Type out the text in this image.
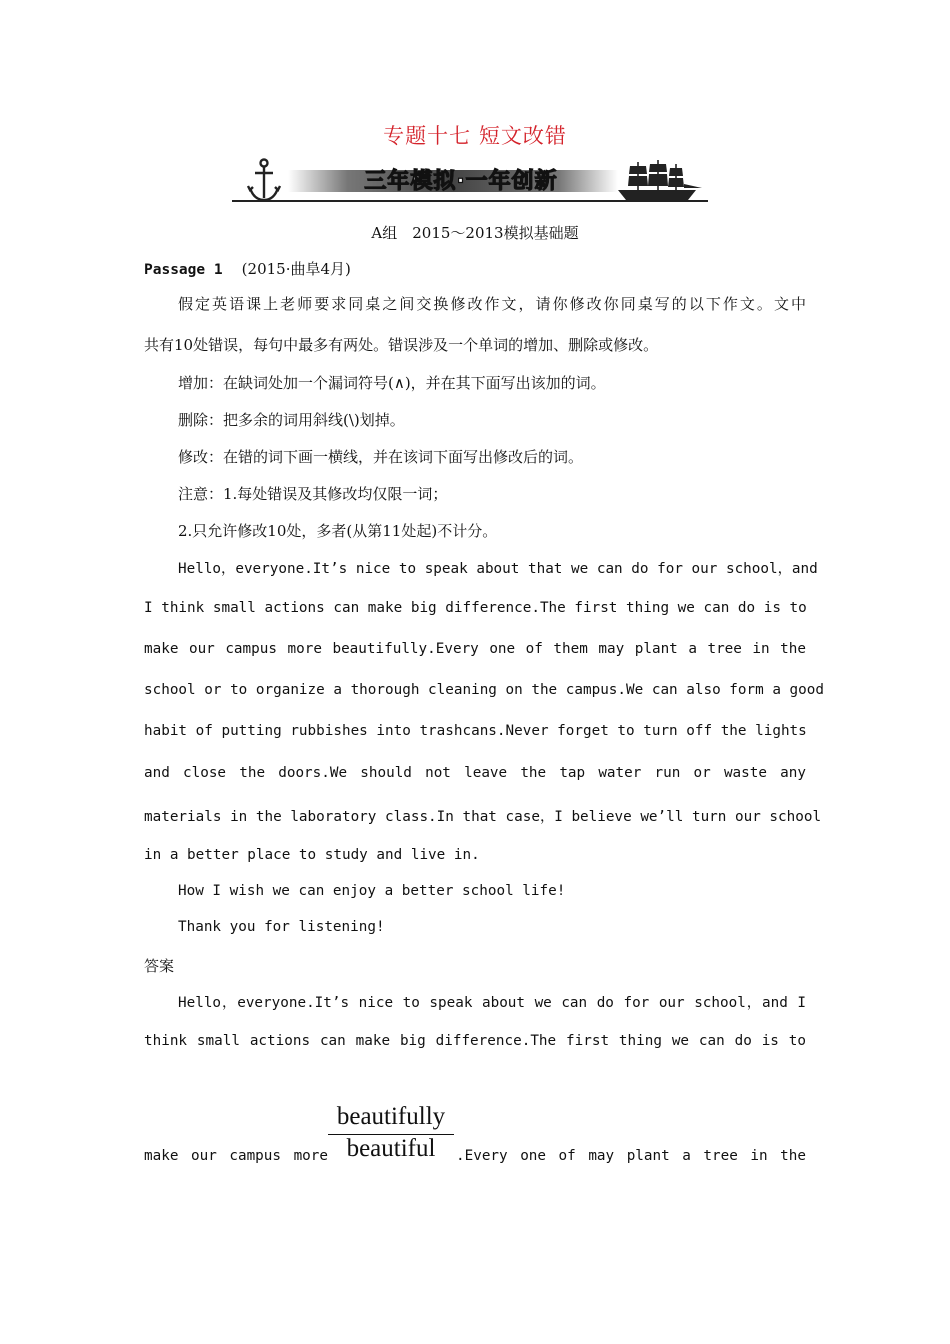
专题十七 短文改错
三年模拟·一年创新
A组　2015～2013模拟基础题
Passage 1 (2015·曲阜4月)
假定英语课上老师要求同桌之间交换修改作文，请你修改你同桌写的以下作文。文中
共有10处错误，每句中最多有两处。错误涉及一个单词的增加、删除或修改。
增加：在缺词处加一个漏词符号(∧)，并在其下面写出该加的词。
删除：把多余的词用斜线(\)划掉。
修改：在错的词下画一横线，并在该词下面写出修改后的词。
注意：1.每处错误及其修改均仅限一词；
2.只允许修改10处，多者(从第11处起)不计分。
Hello，everyone.It’s nice to speak about that we can do for our school，and
I think small actions can make big difference.The first thing we can do is to
make our campus more beautifully.Every one of them may plant a tree in the
school or to organize a thorough cleaning on the campus.We can also form a good
habit of putting rubbishes into trashcans.Never forget to turn off the lights
and close the doors.We should not leave the tap water run or waste any
materials in the laboratory class.In that case，I believe we’ll turn our school
in a better place to study and live in.
How I wish we can enjoy a better school life!
Thank you for listening!
答案
Hello，everyone.It’s nice to speak about we can do for our school，and I
think small actions can make big difference.The first thing we can do is to
make our campus more
beautifully
beautiful	.Every one of may plant a tree in the
